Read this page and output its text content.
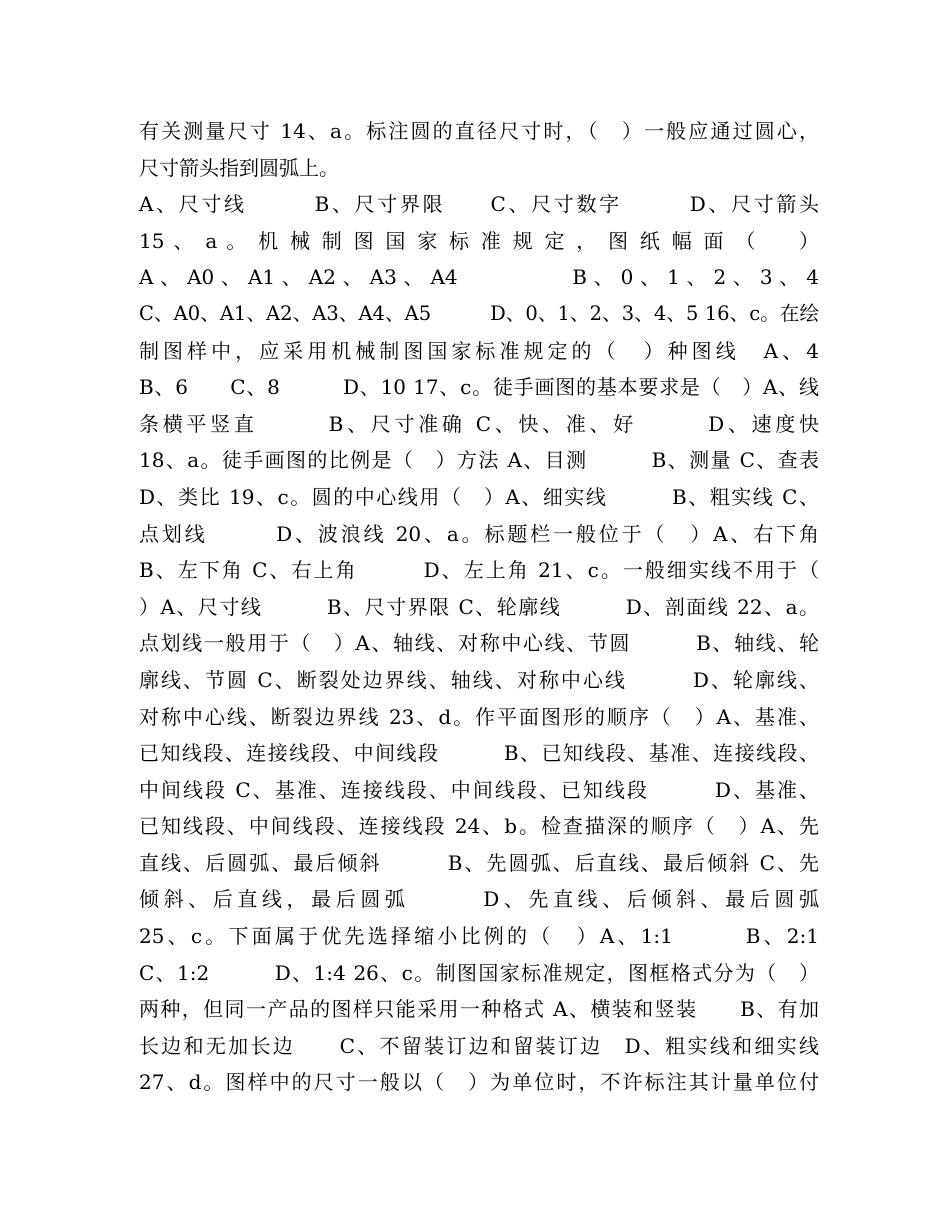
有关测量尺寸 14、a。标注圆的直径尺寸时，（　）一般应通过圆心，
尺寸箭头指到圆弧上。
A、尺寸线　　　B、尺寸界限　　C、尺寸数字　　　D、尺寸箭头
15 、 a 。 机 械 制 图 国 家 标 准 规 定 ， 图 纸 幅 面 （ 　 ）
A 、 A0 、 A1 、 A2 、 A3 、 A4 　 　 　 　 B 、 0 、 1 、 2 、 3 、 4
C、A0、A1、A2、A3、A4、A5　　　D、0、1、2、3、4、5 16、c。在绘
制图样中，应采用机械制图国家标准规定的（　）种图线　A、4
B、6　　C、8　　　D、10 17、c。徒手画图的基本要求是（　）A、线
条横平竖直　　　B、尺寸准确 C、快、准、好　　　D、速度快
18、a。徒手画图的比例是（　）方法 A、目测　　　B、测量 C、查表
D、类比 19、c。圆的中心线用（　）A、细实线　　　B、粗实线 C、
点划线　　　D、波浪线 20、a。标题栏一般位于（　）A、右下角
B、左下角 C、右上角　　　D、左上角 21、c。一般细实线不用于（
）A、尺寸线　　　B、尺寸界限 C、轮廓线　　　D、剖面线 22、a。
点划线一般用于（　）A、轴线、对称中心线、节圆　　　B、轴线、轮
廓线、节圆 C、断裂处边界线、轴线、对称中心线　　　D、轮廓线、
对称中心线、断裂边界线 23、d。作平面图形的顺序（　）A、基准、
已知线段、连接线段、中间线段　　　B、已知线段、基准、连接线段、
中间线段 C、基准、连接线段、中间线段、已知线段　　　D、基准、
已知线段、中间线段、连接线段 24、b。检查描深的顺序（　）A、先
直线、后圆弧、最后倾斜　　　B、先圆弧、后直线、最后倾斜 C、先
倾斜、后直线，最后圆弧　　　D、先直线、后倾斜、最后圆弧
25、c。下面属于优先选择缩小比例的（　）A、1:1　　　B、2:1
C、1:2　　　D、1:4 26、c。制图国家标准规定，图框格式分为（　）
两种，但同一产品的图样只能采用一种格式 A、横装和竖装　　B、有加
长边和无加长边　　C、不留装订边和留装订边　D、粗实线和细实线
27、d。图样中的尺寸一般以（　）为单位时，不许标注其计量单位付
